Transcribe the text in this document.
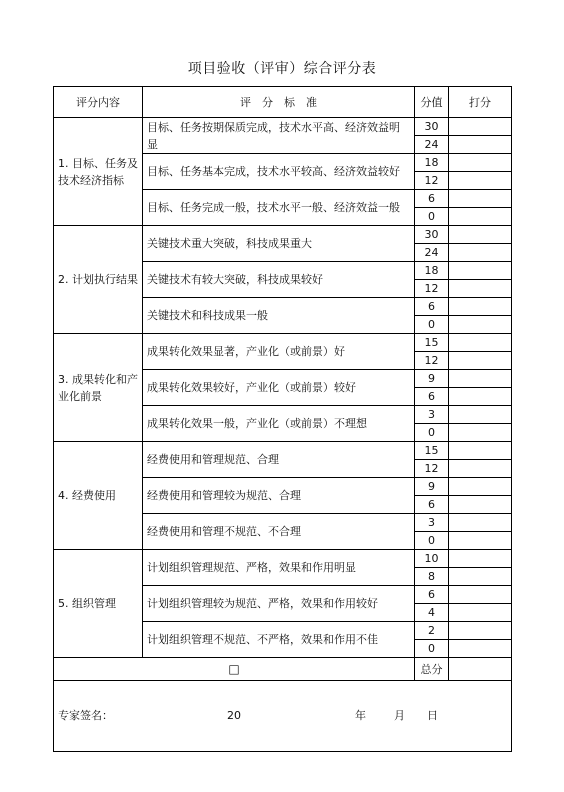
项目验收（评审）综合评分表
评分内容	评　分　标　准	分值	打分
1. 目标、任务及技术经济指标	目标、任务按期保质完成，技术水平高、经济效益明显	30	
		24	
	目标、任务基本完成，技术水平较高、经济效益较好	18	
		12	
	目标、任务完成一般，技术水平一般、经济效益一般	6	
		0	
2. 计划执行结果	关键技术重大突破，科技成果重大	30	
		24	
	关键技术有较大突破，科技成果较好	18	
		12	
	关键技术和科技成果一般	6	
		0	
3. 成果转化和产业化前景	成果转化效果显著，产业化（或前景）好	15	
		12	
	成果转化效果较好，产业化（或前景）较好	9	
		6	
	成果转化效果一般，产业化（或前景）不理想	3	
		0	
4. 经费使用	经费使用和管理规范、合理	15	
		12	
	经费使用和管理较为规范、合理	9	
		6	
	经费使用和管理不规范、不合理	3	
		0	
5. 组织管理	计划组织管理规范、严格，效果和作用明显	10	
		8	
	计划组织管理较为规范、严格，效果和作用较好	6	
		4	
	计划组织管理不规范、不严格，效果和作用不佳	2	
		0	
□		总分	

专家签名： 20 年 月 日			
